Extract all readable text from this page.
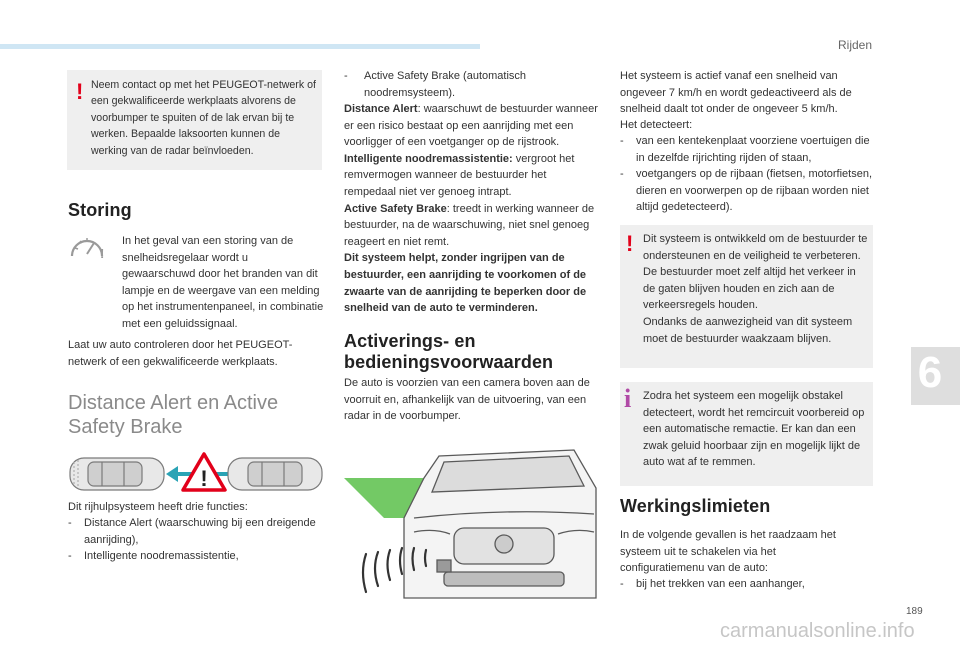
Rijden
! Neem contact op met het PEUGEOT-netwerk of een gekwalificeerde werkplaats alvorens de voorbumper te spuiten of de lak ervan bij te werken. Bepaalde laksoorten kunnen de werking van de radar beïnvloeden.

Storing
!

In het geval van een storing van de snelheidsregelaar wordt u gewaarschuwd door het branden van dit lampje en de weergave van een melding op het instrumentenpaneel, in combinatie met een geluidssignaal.

Laat uw auto controleren door het PEUGEOT-netwerk of een gekwalificeerde werkplaats.

Distance Alert en Active
Safety Brake
!

Dit rijhulpsysteem heeft drie functies:

- Distance Alert (waarschuwing bij een dreigende aanrijding),
- Intelligente noodremassistentie,
- Active Safety Brake (automatisch noodremsysteem).

Distance Alert: waarschuwt de bestuurder wanneer er een risico bestaat op een aanrijding met een voorligger of een voetganger op de rijstrook.

Intelligente noodremassistentie: vergroot het remvermogen wanneer de bestuurder het rempedaal niet ver genoeg intrapt.

Active Safety Brake: treedt in werking wanneer de bestuurder, na de waarschuwing, niet snel genoeg reageert en niet remt.

Dit systeem helpt, zonder ingrijpen van de bestuurder, een aanrijding te voorkomen of de zwaarte van de aanrijding te beperken door de snelheid van de auto te verminderen.

Activerings- en
bedieningsvoorwaarden

De auto is voorzien van een camera boven aan de voorruit en, afhankelijk van de uitvoering, van een radar in de voorbumper.

Het systeem is actief vanaf een snelheid van ongeveer 7 km/h en wordt gedeactiveerd als de snelheid daalt tot onder de ongeveer 5 km/h.

Het detecteert:

- van een kentekenplaat voorziene voertuigen die in dezelfde rijrichting rijden of staan,
- voetgangers op de rijbaan (fietsen, motorfietsen, dieren en voorwerpen op de rijbaan worden niet altijd gedetecteerd).
! Dit systeem is ontwikkeld om de bestuurder te ondersteunen en de veiligheid te verbeteren.

De bestuurder moet zelf altijd het verkeer in de gaten blijven houden en zich aan de verkeersregels houden.

Ondanks de aanwezigheid van dit systeem moet de bestuurder waakzaam blijven.

i Zodra het systeem een mogelijk obstakel detecteert, wordt het remcircuit voorbereid op een automatische remactie. Er kan dan een zwak geluid hoorbaar zijn en mogelijk lijkt de auto wat af te remmen.

Werkingslimieten

In de volgende gevallen is het raadzaam het systeem uit te schakelen via het configuratiemenu van de auto:

- bij het trekken van een aanhanger,
6
189
carmanualsonline.info
